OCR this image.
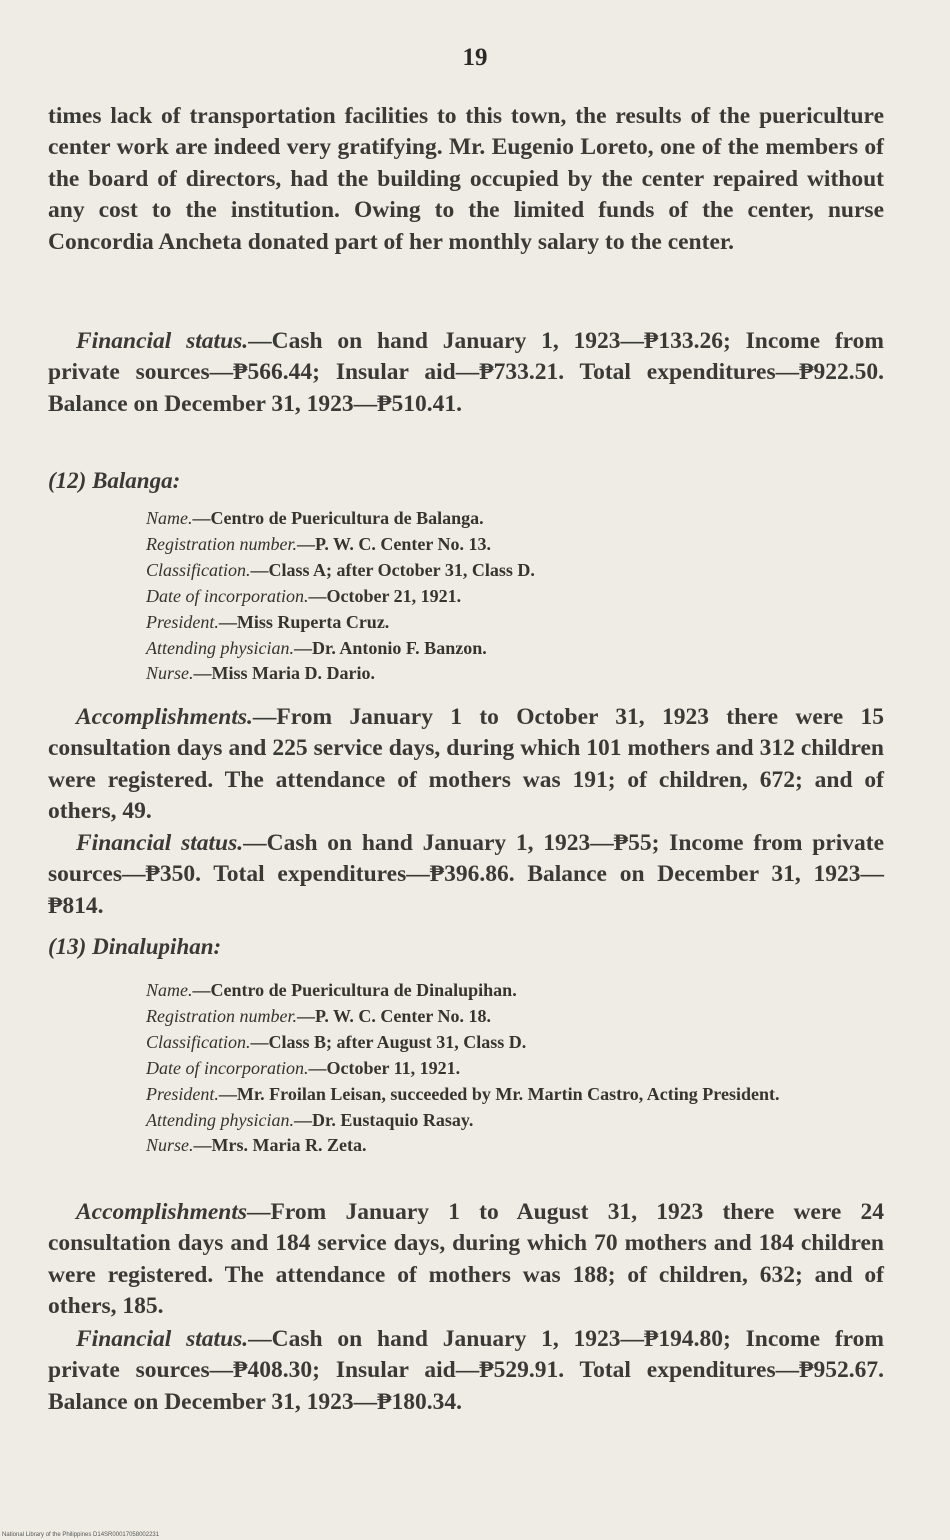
19

times lack of transportation facilities to this town, the results of the puericulture center work are indeed very gratifying. Mr. Eugenio Loreto, one of the members of the board of directors, had the building occupied by the center repaired without any cost to the institution. Owing to the limited funds of the center, nurse Concordia Ancheta donated part of her monthly salary to the center.

Financial status.—Cash on hand January 1, 1923—₱133.26; Income from private sources—₱566.44; Insular aid—₱733.21. Total expenditures—₱922.50. Balance on December 31, 1923—₱510.41.

(12) Balanga:

Name.—Centro de Puericultura de Balanga.

Registration number.—P. W. C. Center No. 13.

Classification.—Class A; after October 31, Class D.

Date of incorporation.—October 21, 1921.

President.—Miss Ruperta Cruz.

Attending physician.—Dr. Antonio F. Banzon.

Nurse.—Miss Maria D. Dario.

Accomplishments.—From January 1 to October 31, 1923 there were 15 consultation days and 225 service days, during which 101 mothers and 312 children were registered. The attendance of mothers was 191; of children, 672; and of others, 49.

Financial status.—Cash on hand January 1, 1923—₱55; Income from private sources—₱350. Total expenditures—₱396.86. Balance on December 31, 1923—₱814.

(13) Dinalupihan:

Name.—Centro de Puericultura de Dinalupihan.

Registration number.—P. W. C. Center No. 18.

Classification.—Class B; after August 31, Class D.

Date of incorporation.—October 11, 1921.

President.—Mr. Froilan Leisan, succeeded by Mr. Martin Castro, Acting President.

Attending physician.—Dr. Eustaquio Rasay.

Nurse.—Mrs. Maria R. Zeta.

Accomplishments—From January 1 to August 31, 1923 there were 24 consultation days and 184 service days, during which 70 mothers and 184 children were registered. The attendance of mothers was 188; of children, 632; and of others, 185.

Financial status.—Cash on hand January 1, 1923—₱194.80; Income from private sources—₱408.30; Insular aid—₱529.91. Total expenditures—₱952.67. Balance on December 31, 1923—₱180.34.

National Library of the Philippines D14SR00017058002231
